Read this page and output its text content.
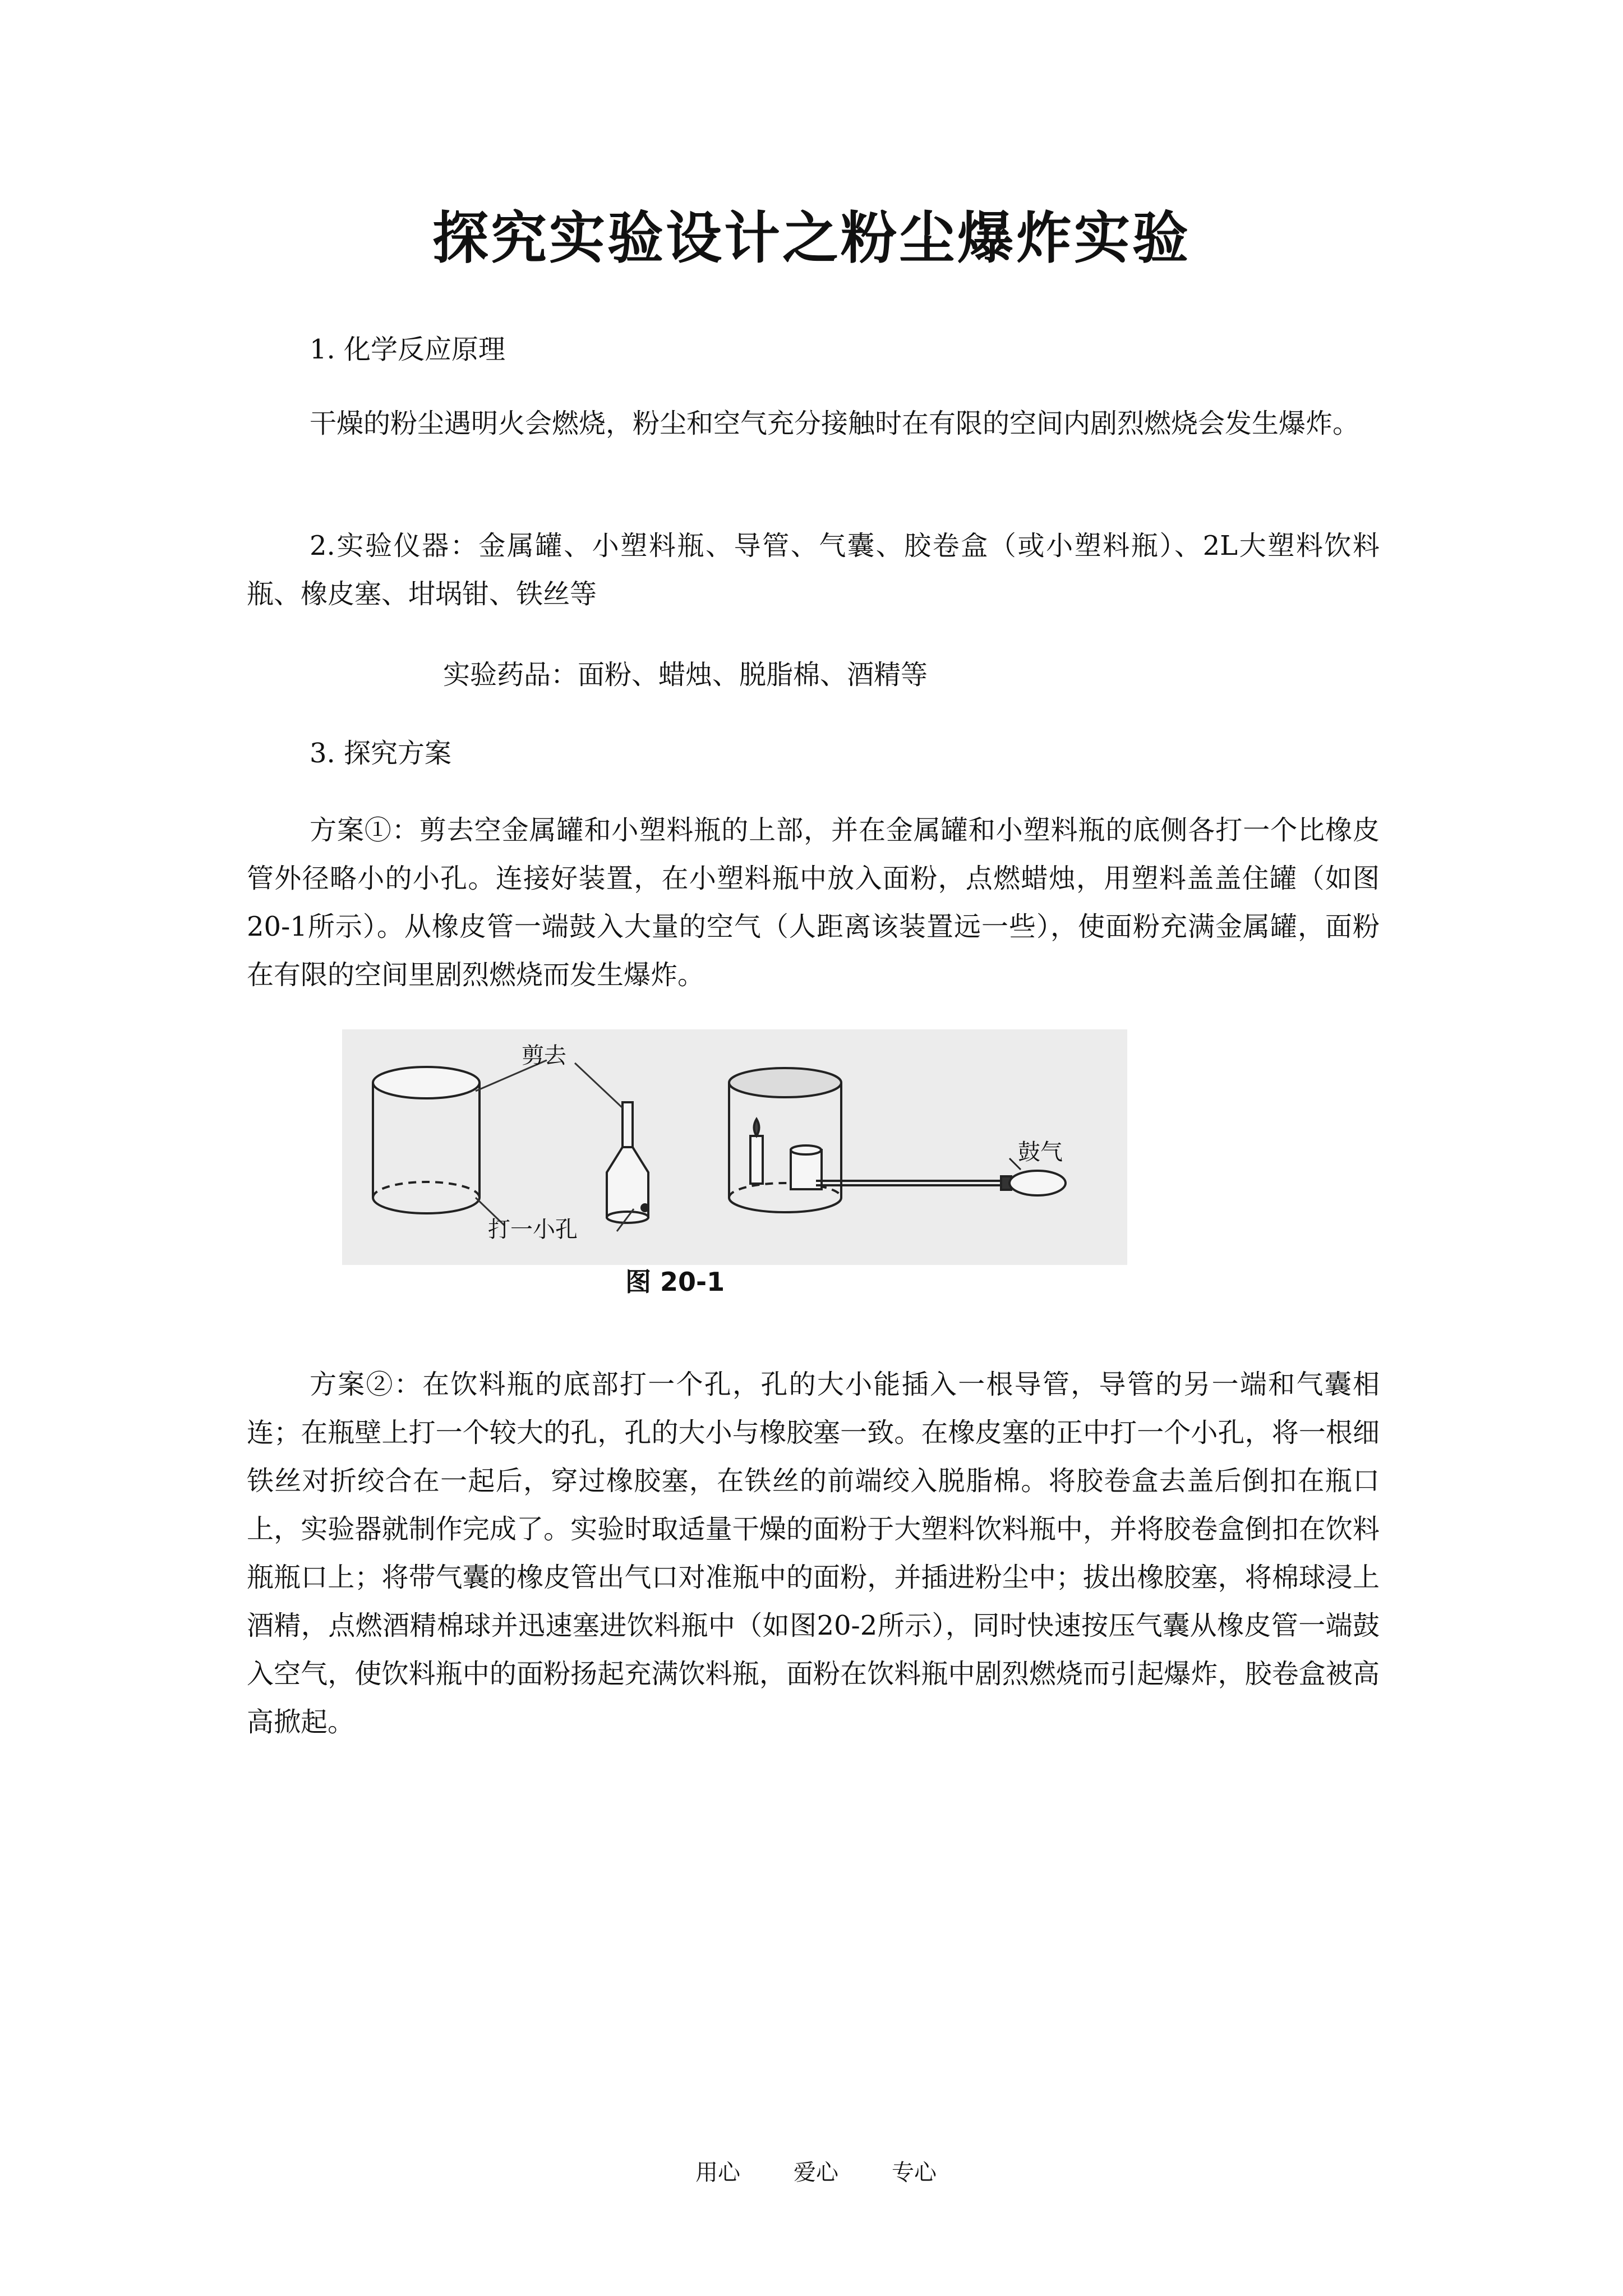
探究实验设计之粉尘爆炸实验
1. 化学反应原理
干燥的粉尘遇明火会燃烧，粉尘和空气充分接触时在有限的空间内剧烈燃烧会发生爆炸。
2.实验仪器：金属罐、小塑料瓶、导管、气囊、胶卷盒（或小塑料瓶）、2L大塑料饮料瓶、橡皮塞、坩埚钳、铁丝等
实验药品：面粉、蜡烛、脱脂棉、酒精等
3. 探究方案
方案①：剪去空金属罐和小塑料瓶的上部，并在金属罐和小塑料瓶的底侧各打一个比橡皮管外径略小的小孔。连接好装置，在小塑料瓶中放入面粉，点燃蜡烛，用塑料盖盖住罐（如图20-1所示）。从橡皮管一端鼓入大量的空气（人距离该装置远一些），使面粉充满金属罐，面粉在有限的空间里剧烈燃烧而发生爆炸。
剪去
打一小孔
鼓气
图 20-1
方案②：在饮料瓶的底部打一个孔，孔的大小能插入一根导管，导管的另一端和气囊相连；在瓶壁上打一个较大的孔，孔的大小与橡胶塞一致。在橡皮塞的正中打一个小孔，将一根细铁丝对折绞合在一起后，穿过橡胶塞，在铁丝的前端绞入脱脂棉。将胶卷盒去盖后倒扣在瓶口上，实验器就制作完成了。实验时取适量干燥的面粉于大塑料饮料瓶中，并将胶卷盒倒扣在饮料瓶瓶口上；将带气囊的橡皮管出气口对准瓶中的面粉，并插进粉尘中；拔出橡胶塞，将棉球浸上酒精，点燃酒精棉球并迅速塞进饮料瓶中（如图20-2所示），同时快速按压气囊从橡皮管一端鼓入空气，使饮料瓶中的面粉扬起充满饮料瓶，面粉在饮料瓶中剧烈燃烧而引起爆炸，胶卷盒被高高掀起。
用心 爱心 专心
